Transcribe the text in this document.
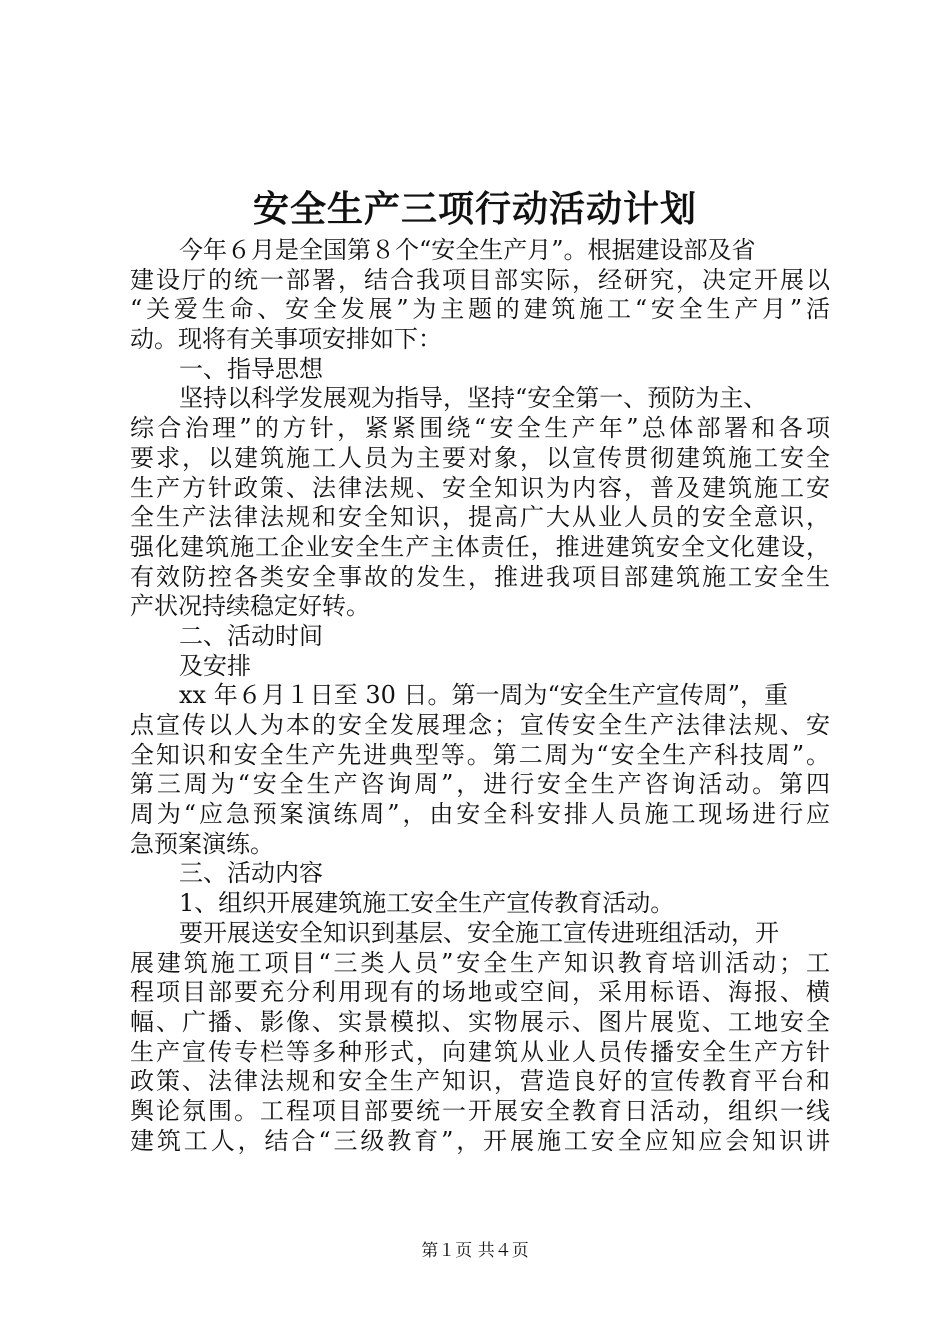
安全生产三项行动活动计划
今年６月是全国第８个“安全生产月”。根据建设部及省
建设厅的统一部署，结合我项目部实际，经研究，决定开展以
“关爱生命、安全发展”为主题的建筑施工“安全生产月”活
动。现将有关事项安排如下：
一、指导思想
坚持以科学发展观为指导，坚持“安全第一、预防为主、
综合治理”的方针，紧紧围绕“安全生产年”总体部署和各项
要求，以建筑施工人员为主要对象，以宣传贯彻建筑施工安全
生产方针政策、法律法规、安全知识为内容，普及建筑施工安
全生产法律法规和安全知识，提高广大从业人员的安全意识，
强化建筑施工企业安全生产主体责任，推进建筑安全文化建设，
有效防控各类安全事故的发生，推进我项目部建筑施工安全生
产状况持续稳定好转。
二、活动时间
及安排
xx 年６月１日至 30 日。第一周为“安全生产宣传周”，重
点宣传以人为本的安全发展理念；宣传安全生产法律法规、安
全知识和安全生产先进典型等。第二周为“安全生产科技周”。
第三周为“安全生产咨询周”，进行安全生产咨询活动。第四
周为“应急预案演练周”，由安全科安排人员施工现场进行应
急预案演练。
三、活动内容
1、组织开展建筑施工安全生产宣传教育活动。
要开展送安全知识到基层、安全施工宣传进班组活动，开
展建筑施工项目“三类人员”安全生产知识教育培训活动；工
程项目部要充分利用现有的场地或空间，采用标语、海报、横
幅、广播、影像、实景模拟、实物展示、图片展览、工地安全
生产宣传专栏等多种形式，向建筑从业人员传播安全生产方针
政策、法律法规和安全生产知识，营造良好的宣传教育平台和
舆论氛围。工程项目部要统一开展安全教育日活动，组织一线
建筑工人，结合“三级教育”，开展施工安全应知应会知识讲
第１页 共４页
